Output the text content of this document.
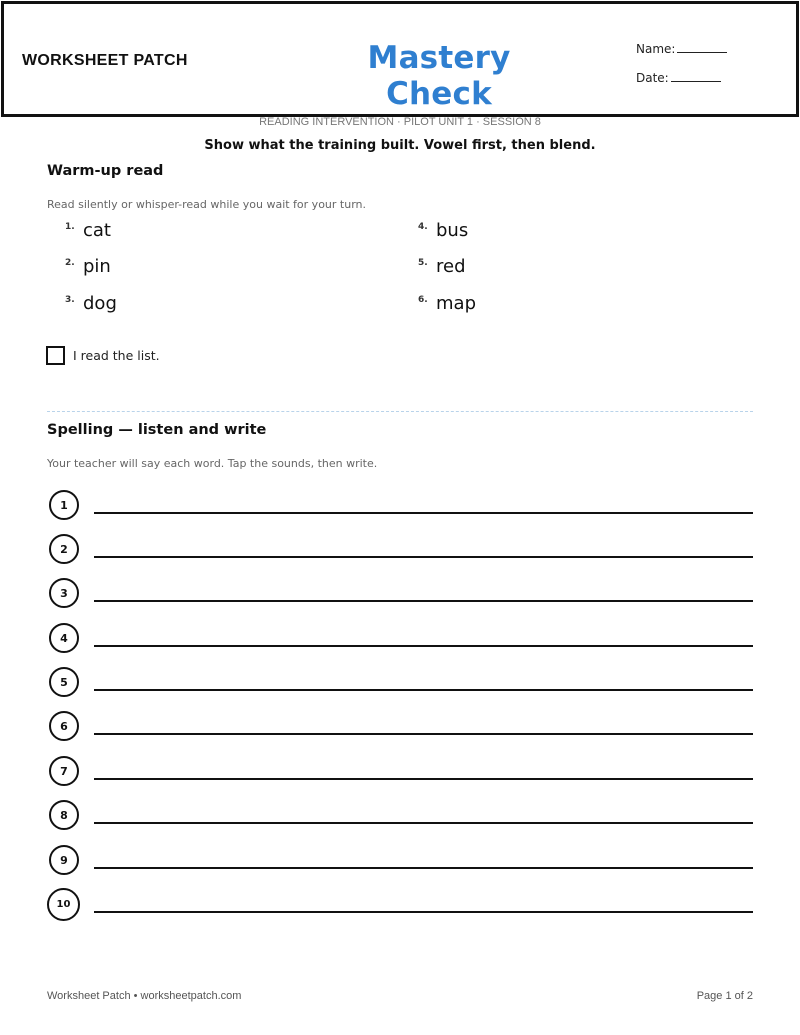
WORKSHEET PATCH	Mastery Check
Name:
Date:
READING INTERVENTION · PILOT UNIT 1 · SESSION 8
Show what the training built. Vowel first, then blend.
Warm-up read
Read silently or whisper-read while you wait for your turn.
1. cat
2. pin
3. dog
4. bus
5. red
6. map
I read the list.
Spelling — listen and write
Your teacher will say each word. Tap the sounds, then write.
1
2
3
4
5
6
7
8
9
10
Worksheet Patch • worksheetpatch.com	Page 1 of 2
